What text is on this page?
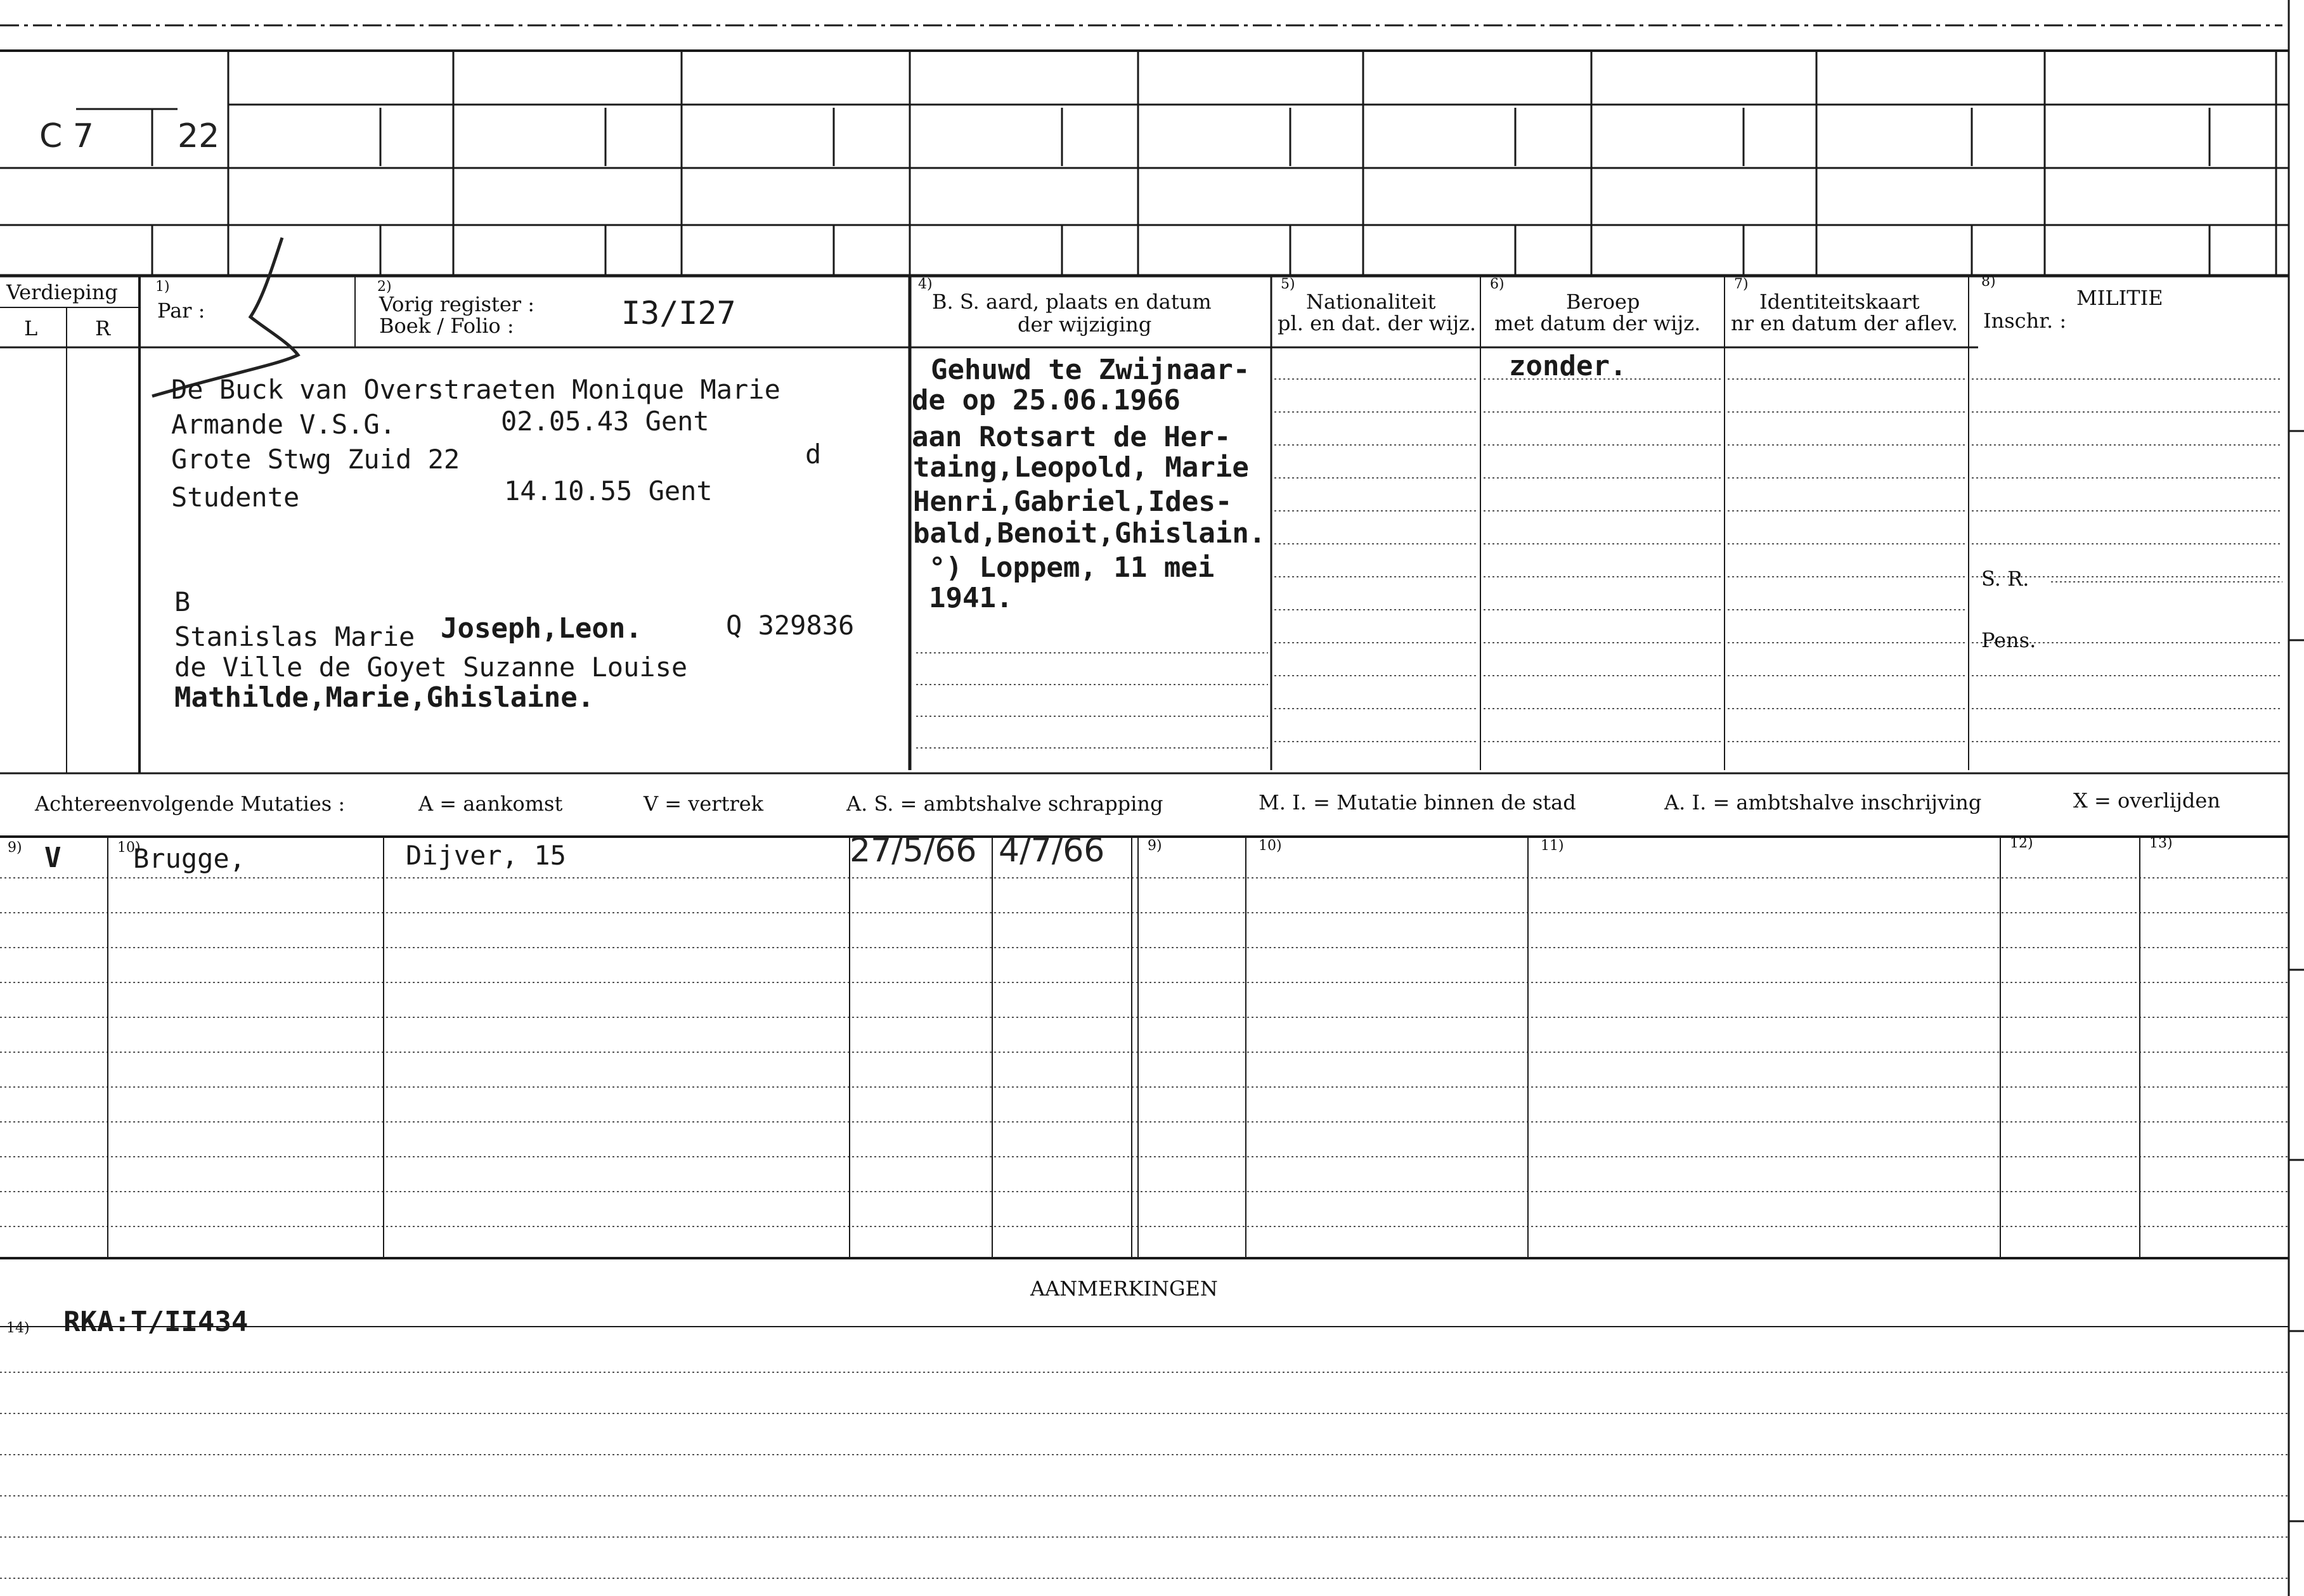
C 7	22
Verdieping
L	R
1)
Par :
2)
Vorig register :
Boek / Folio :	I3/I27
4)
B. S. aard, plaats en datum
der wijziging
5)
Nationaliteit
pl. en dat. der wijz.
6)
Beroep
met datum der wijz.
7)
Identiteitskaart
nr en datum der aflev.
8)
MILITIE
Inschr. :
S. R.
Pens.
De Buck van Overstraeten Monique Marie
Armande V.S.G.	02.05.43 Gent
Grote Stwg Zuid 22	d
Studente	14.10.55 Gent
B
Stanislas Marie Joseph,Leon.	Q 329836
de Ville de Goyet Suzanne Louise
Mathilde,Marie,Ghislaine.
Gehuwd te Zwijnaar-
de op 25.06.1966
aan Rotsart de Her-
taing,Leopold, Marie
Henri,Gabriel,Ides-
bald,Benoit,Ghislain.
°) Loppem, 11 mei
1941.
zonder.
Achtereenvolgende Mutaties :	A = aankomst	V = vertrek	A. S. = ambtshalve schrapping	M. I. = Mutatie binnen de stad	A. I. = ambtshalve inschrijving	X = overlijden
9)	10)	9)	10)	11)	12)	13)
V	Brugge,	Dijver, 15	27/5/66 4/7/66
AANMERKINGEN
14) RKA:T/II434
